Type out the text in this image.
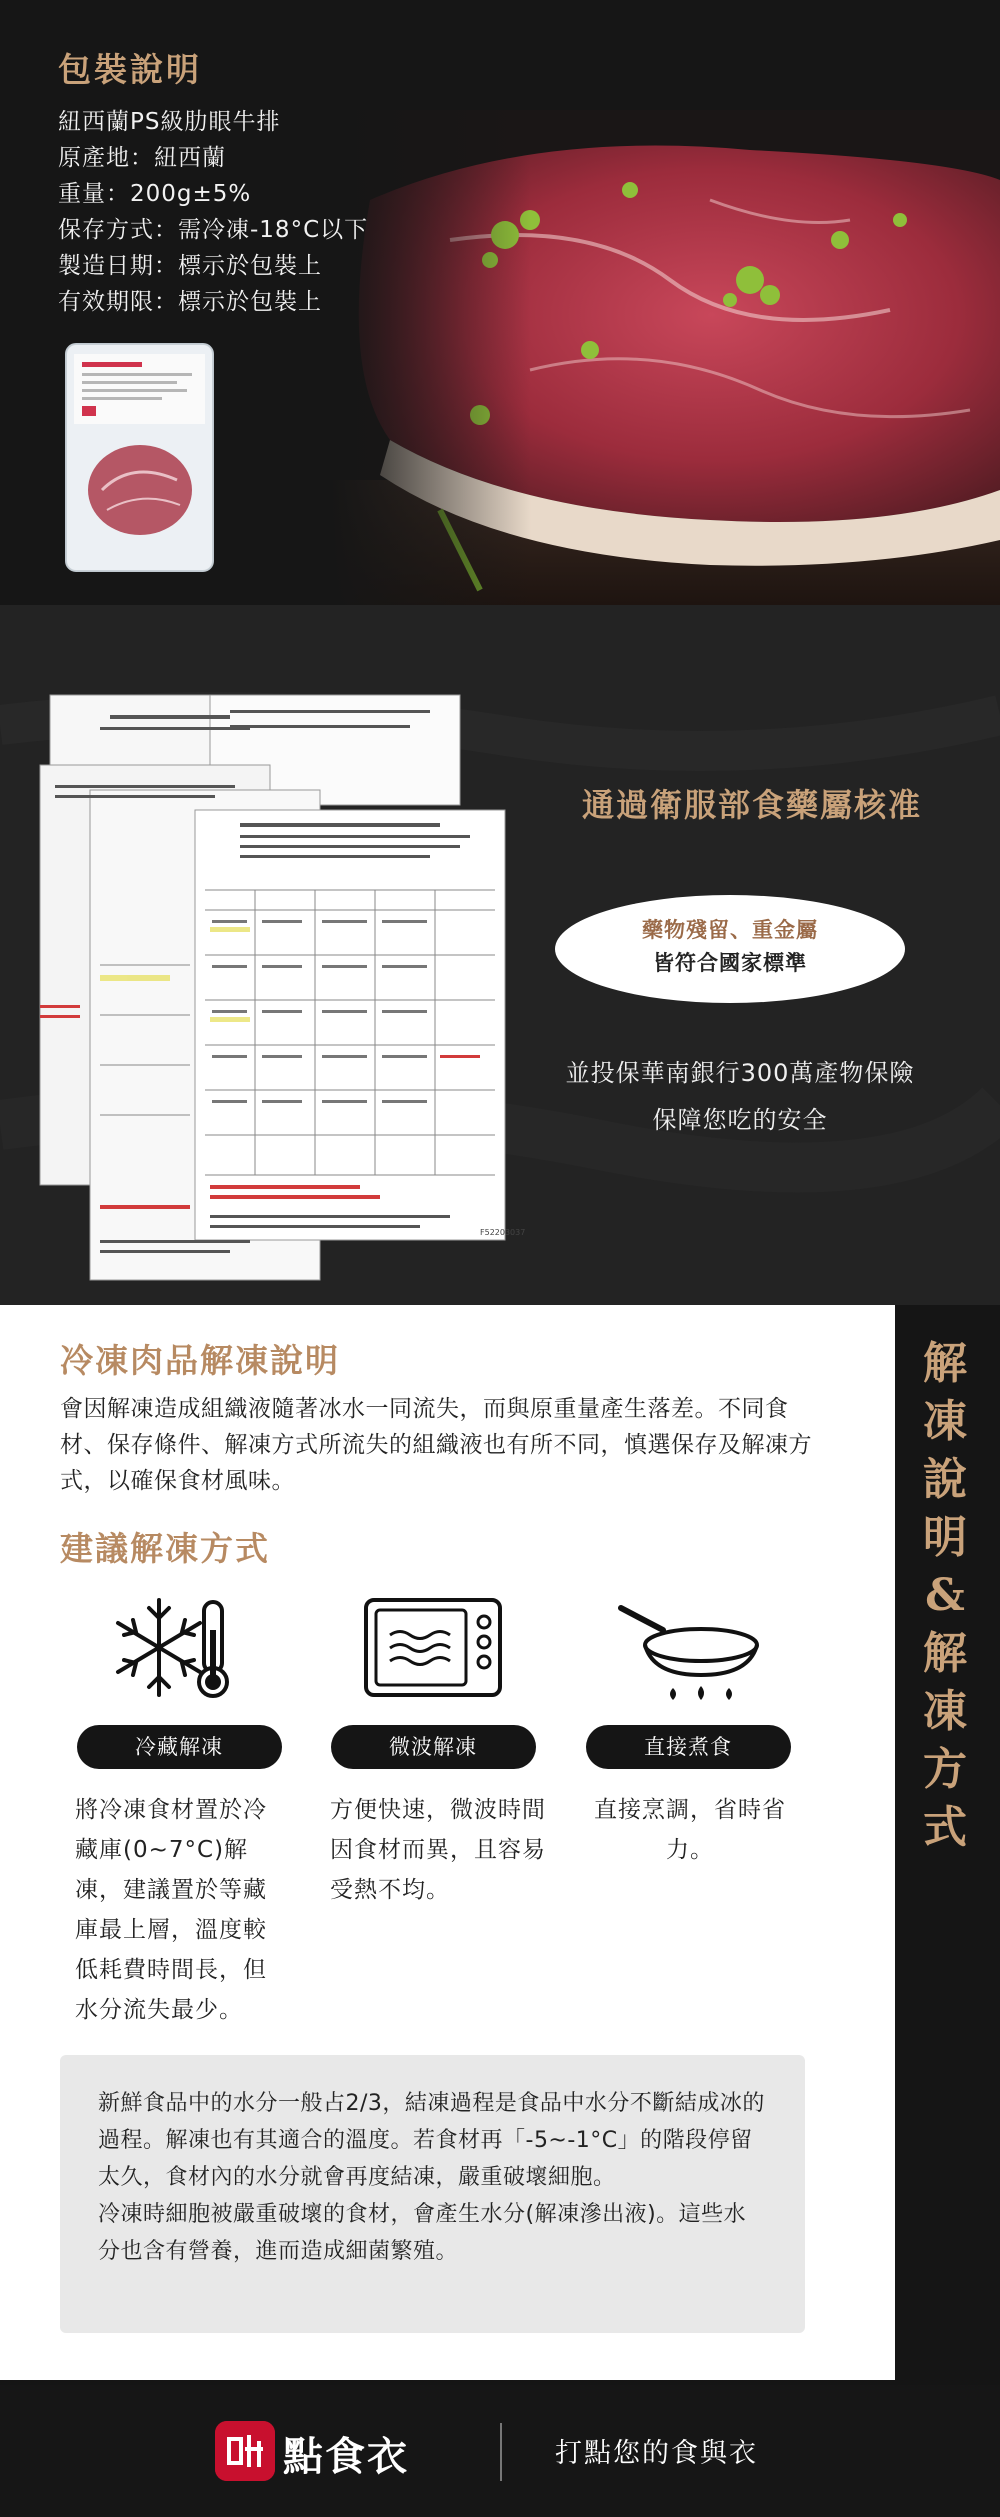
包裝說明
紐西蘭PS級肋眼牛排
原產地：紐西蘭
重量：200g±5%
保存方式：需冷凍-18°C以下
製造日期：標示於包裝上
有效期限：標示於包裝上
F52203037
通過衛服部食藥屬核准
藥物殘留、重金屬
皆符合國家標準
並投保華南銀行300萬產物保險
保障您吃的安全
冷凍肉品解凍說明
會因解凍造成組織液隨著冰水一同流失，而與原重量產生落差。不同食材、保存條件、解凍方式所流失的組織液也有所不同，慎選保存及解凍方式，以確保食材風味。
建議解凍方式
冷藏解凍	微波解凍	直接煮食
將冷凍食材置於冷藏庫(0~7°C)解凍，建議置於等藏庫最上層，溫度較低耗費時間長，但水分流失最少。
方便快速，微波時間因食材而異，且容易受熱不均。
直接烹調，省時省力。
新鮮食品中的水分一般占2/3，結凍過程是食品中水分不斷結成冰的過程。解凍也有其適合的溫度。若食材再「-5~-1°C」的階段停留太久，食材內的水分就會再度結凍，嚴重破壞細胞。
冷凍時細胞被嚴重破壞的食材，會產生水分(解凍滲出液)。這些水分也含有營養，進而造成細菌繁殖。
解
凍
說
明
&
解
凍
方
式
點食衣	打點您的食與衣
